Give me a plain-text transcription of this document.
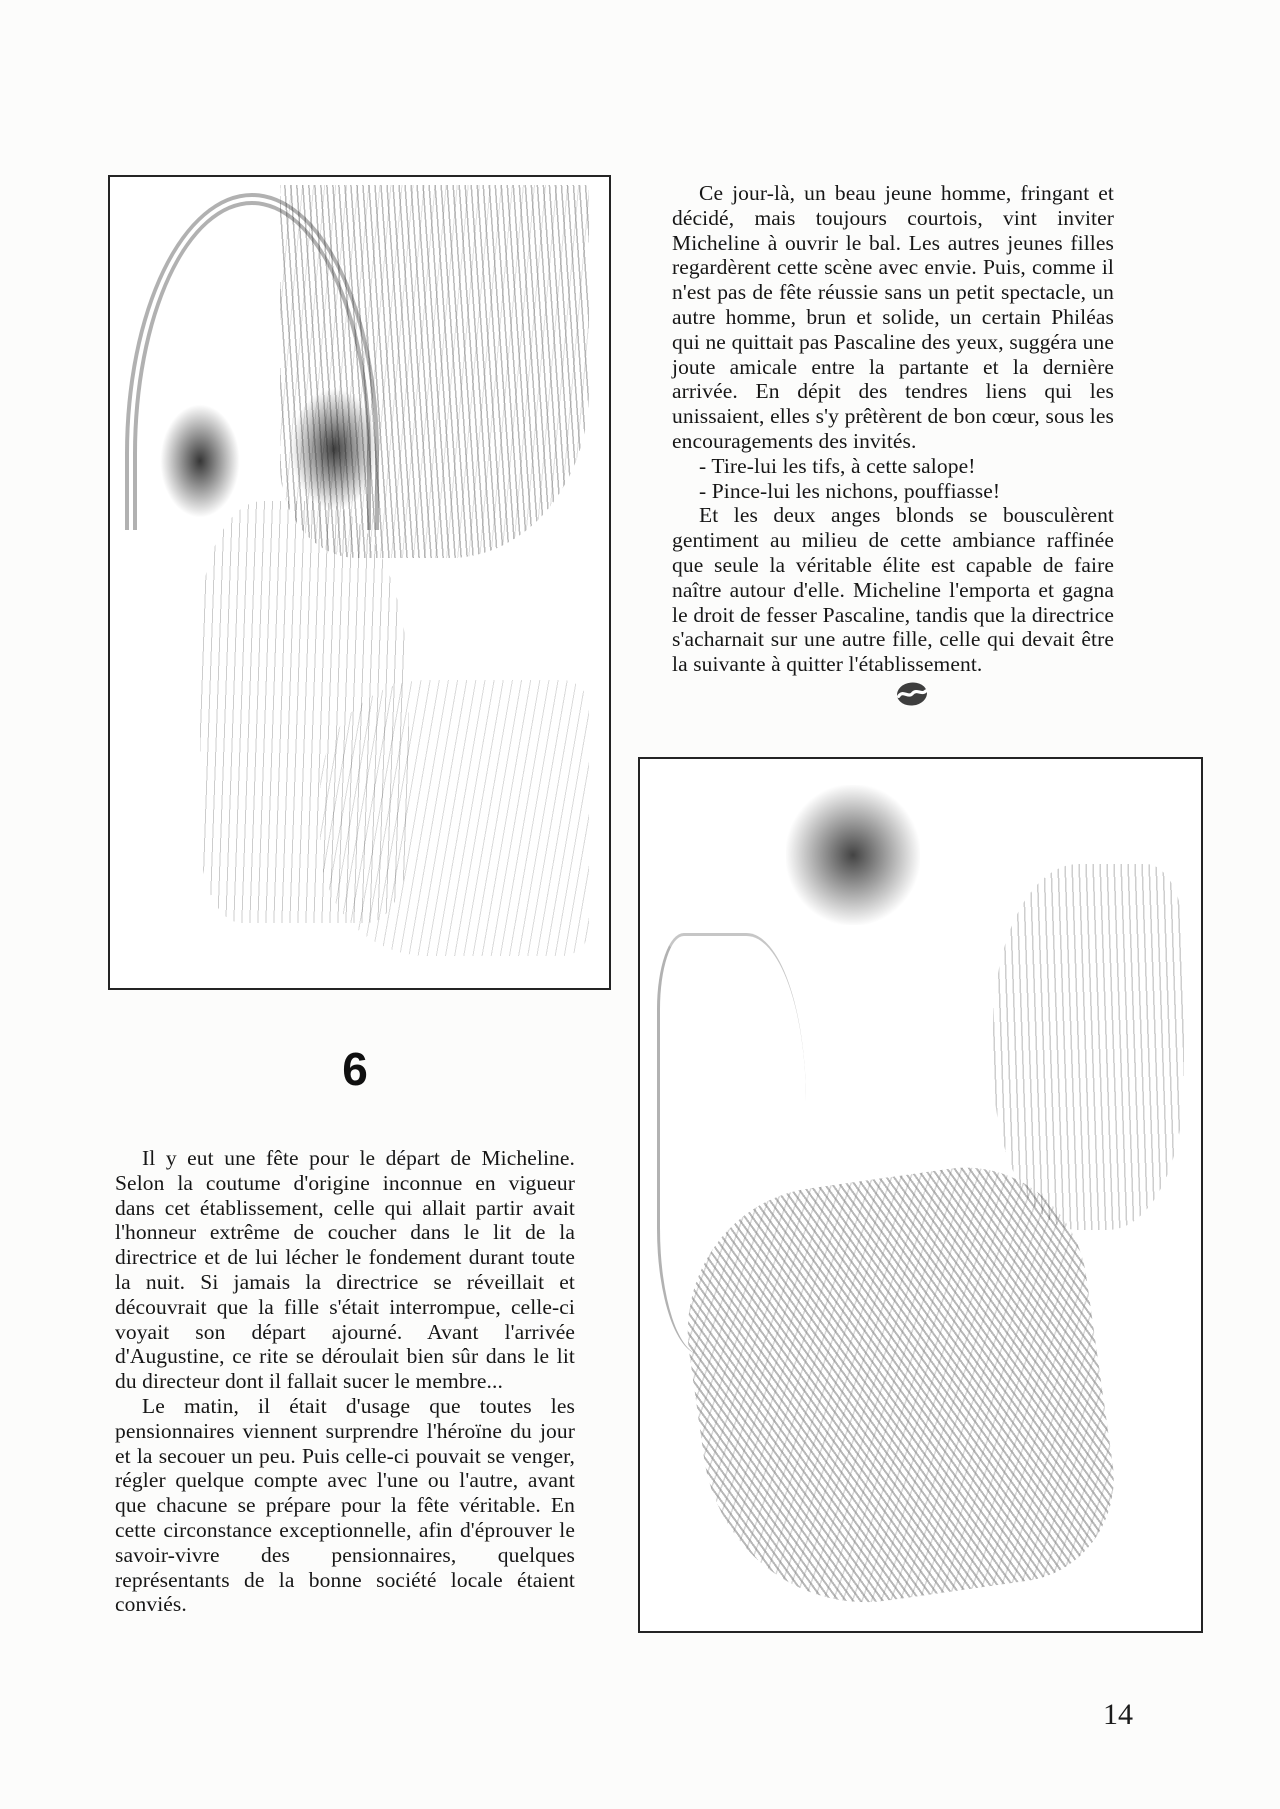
Ce jour-là, un beau jeune homme, fringant et décidé, mais toujours courtois, vint inviter Micheline à ouvrir le bal. Les autres jeunes filles regardèrent cette scène avec envie. Puis, comme il n'est pas de fête réussie sans un petit spectacle, un autre homme, brun et solide, un certain Philéas qui ne quittait pas Pascaline des yeux, suggéra une joute amicale entre la partante et la dernière arrivée. En dépit des tendres liens qui les unissaient, elles s'y prêtèrent de bon cœur, sous les encouragements des invités.

- Tire-lui les tifs, à cette salope!

- Pince-lui les nichons, pouffiasse!

Et les deux anges blonds se bousculèrent gentiment au milieu de cette ambiance raffinée que seule la véritable élite est capable de faire naître autour d'elle. Micheline l'emporta et gagna le droit de fesser Pascaline, tandis que la directrice s'acharnait sur une autre fille, celle qui devait être la suivante à quitter l'établissement.

6

Il y eut une fête pour le départ de Micheline. Selon la coutume d'origine inconnue en vigueur dans cet établissement, celle qui allait partir avait l'honneur extrême de coucher dans le lit de la directrice et de lui lécher le fondement durant toute la nuit. Si jamais la directrice se réveillait et découvrait que la fille s'était interrompue, celle-ci voyait son départ ajourné. Avant l'arrivée d'Augustine, ce rite se déroulait bien sûr dans le lit du directeur dont il fallait sucer le membre...

Le matin, il était d'usage que toutes les pensionnaires viennent surprendre l'héroïne du jour et la secouer un peu. Puis celle-ci pouvait se venger, régler quelque compte avec l'une ou l'autre, avant que chacune se prépare pour la fête véritable. En cette circonstance exceptionnelle, afin d'éprouver le savoir-vivre des pensionnaires, quelques représentants de la bonne société locale étaient conviés.

14
